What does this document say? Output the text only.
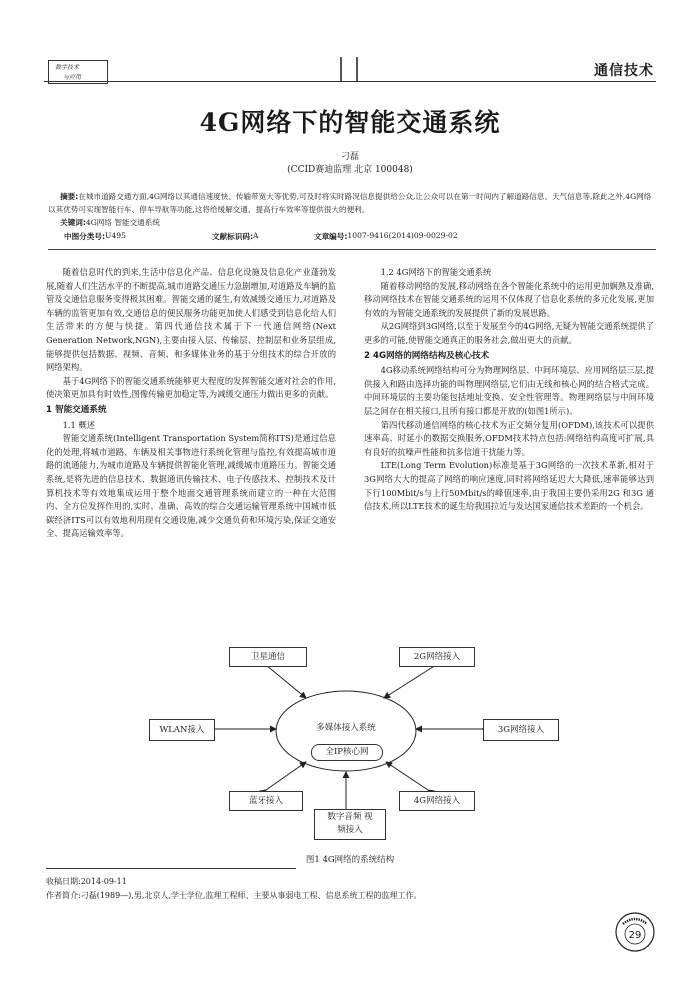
数字技术
与应用	通信技术
4G网络下的智能交通系统
刁磊
(CCID赛迪监理 北京 100048)
摘要:在城市道路交通方面,4G网络以其通信速度快、传输带宽大等优势,可及时将实时路况信息提供给公众,让公众可以在第一时间内了解道路信息、天气信息等,除此之外,4G网络以其优势可实现智能行车、停车导航等功能,这将给缓解交通、提高行车效率等提供很大的便利。
关键词:4G网络 智能交通系统
中图分类号: U495	文献标识码: A	文章编号: 1007-9416(2014)09-0029-02

随着信息时代的到来,生活中信息化产品、信息化设施及信息化产业蓬勃发展,随着人们生活水平的不断提高,城市道路交通压力急剧增加,对道路及车辆的监管及交通信息服务变得极其困难。智能交通的诞生,有效减缓交通压力,对道路及车辆的监管更加有效,交通信息的便民服务功能更加使人们感受到信息化给人们生活带来的方便与快捷。第四代通信技术属于下一代通信网络(Next Generation Network,NGN),主要由接入层、传输层、控制层和业务层组成,能够提供包括数据、视频、音频、和多媒体业务的基于分组技术的综合开放的网络架构。

基于4G网络下的智能交通系统能够更大程度的发挥智能交通对社会的作用,使决策更加具有时效性,图像传输更加稳定等,为减缓交通压力做出更多的贡献。

1 智能交通系统
1.1 概述

智能交通系统(Intelligent Transportation System简称ITS)是通过信息化的处理,将城市道路、车辆及相关事物进行系统化管理与监控,有效提高城市道路的流通能力,为城市道路及车辆提供智能化管理,减缓城市道路压力。智能交通系统,是将先进的信息技术、数据通讯传输技术、电子传感技术、控制技术及计算机技术等有效地集成运用于整个地面交通管理系统而建立的一种在大范围内、全方位发挥作用的,实时、准确、高效的综合交通运输管理系统中国城市低碳经济ITS可以有效地利用现有交通设施,减少交通负荷和环境污染,保证交通安全、提高运输效率等。

1.2 4G网络下的智能交通系统

随着移动网络的发展,移动网络在各个智能化系统中的运用更加娴熟及准确,移动网络技术在智能交通系统的运用不仅体现了信息化系统的多元化发展,更加有效的为智能交通系统的发展提供了新的发展思路。

从2G网络到3G网络,以至于发展至今的4G网络,无疑为智能交通系统提供了更多的可能,使智能交通真正的服务社会,做出更大的贡献。

2 4G网络的网络结构及核心技术

4G移动系统网络结构可分为物理网络层、中间环境层、应用网络层三层,提供接入和路由选择功能的叫物理网络层,它们由无线和核心网的结合格式完成。中间环境层的主要功能包括地址变换、安全性管理等。物理网络层与中间环境层之间存在相关接口,且所有接口都是开放的(如图1所示)。

第四代移动通信网络的核心技术为正交频分复用(OFDM),该技术可以提供速率高、时延小的数据交换服务,OFDM技术特点包括:网络结构高度可扩展,具有良好的抗噪声性能和抗多信道干扰能力等。

LTE(Long Term Evolution)标准是基于3G网络的一次技术革新,相对于3G网络大大的提高了网络的响应速度,同时将网络延迟大大降低,速率能够达到下行100Mbit/s与上行50Mbit/s的峰值速率,由于我国主要仍采用2G 和3G 通信技术,所以LTE技术的诞生给我国拉近与发达国家通信技术差距的一个机会。

卫星通信	2G网络接入
WLAN接入	3G网络接入
多媒体接入系统
全IP核心网
蓝牙接入	4G网络接入
数字音频 视
频接入
图1 4G网络的系统结构
收稿日期:2014-09-11
作者简介:刁磊(1989—),男,北京人,学士学位,监理工程师、主要从事弱电工程、信息系统工程的监理工作。
29
